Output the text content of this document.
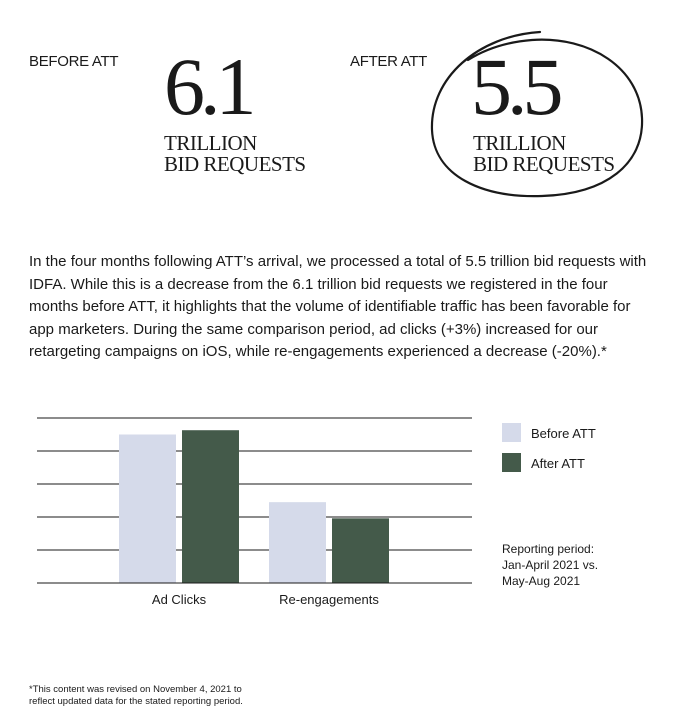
BEFORE ATT 6.1
TRILLION
BID REQUESTS
AFTER ATT 5.5
TRILLION
BID REQUESTS

In the four months following ATT’s arrival, we processed a total of 5.5 trillion bid requests with IDFA. While this is a decrease from the 6.1 trillion bid requests we registered in the four months before ATT, it highlights that the volume of identifiable traffic has been favorable for app marketers. During the same comparison period, ad clicks (+3%) increased for our retargeting campaigns on iOS, while re-engagements experienced a decrease (-20%).*

Ad Clicks	Re-engagements
Before ATT
After ATT
Reporting period:
Jan-April 2021 vs.
May-Aug 2021
*This content was revised on November 4, 2021 to
reflect updated data for the stated reporting period.
